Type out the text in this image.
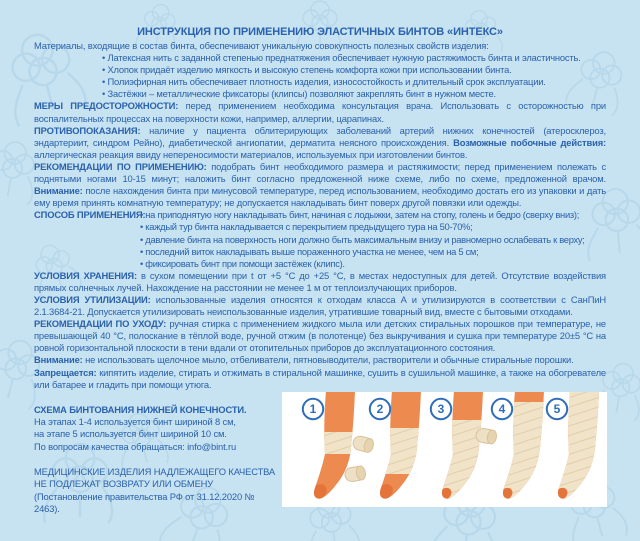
ИНСТРУКЦИЯ ПО ПРИМЕНЕНИЮ ЭЛАСТИЧНЫХ БИНТОВ «ИНТЕКС»
Материалы, входящие в состав бинта, обеспечивают уникальную совокупность полезных свойств изделия:
• Латексная нить с заданной степенью преднатяжения обеспечивает нужную растяжимость бинта и эластичность.
• Хлопок придаёт изделию мягкость и высокую степень комфорта кожи при использовании бинта.
• Полиэфирная нить обеспечивает плотность изделия, износостойкость и длительный срок эксплуатации.
• Застёжки – металлические фиксаторы (клипсы) позволяют закреплять бинт в нужном месте.
МЕРЫ ПРЕДОСТОРОЖНОСТИ: перед применением необходима консультация врача. Использовать с осторожностью при воспалительных процессах на поверхности кожи, например, аллергии, царапинах.
ПРОТИВОПОКАЗАНИЯ: наличие у пациента облитерирующих заболеваний артерий нижних конечностей (атеросклероз, эндартериит, синдром Рейно), диабетической ангиопатии, дерматита неясного происхождения. Возможные побочные действия: аллергическая реакция ввиду непереносимости материалов, используемых при изготовлении бинтов.
РЕКОМЕНДАЦИИ ПО ПРИМЕНЕНИЮ: подобрать бинт необходимого размера и растяжимости; перед применением полежать с поднятыми ногами 10-15 минут; наложить бинт согласно предложенной ниже схеме, либо по схеме, предложенной врачом. Внимание: после нахождения бинта при минусовой температуре, перед использованием, необходимо достать его из упаковки и дать ему время принять комнатную температуру; не допускается накладывать бинт поверх другой повязки или одежды.
СПОСОБ ПРИМЕНЕНИЯ:
• на приподнятую ногу накладывать бинт, начиная с лодыжки, затем на стопу, голень и бедро (сверху вниз);
• каждый тур бинта накладывается с перекрытием предыдущего тура на 50-70%;
• давление бинта на поверхность ноги должно быть максимальным внизу и равномерно ослабевать к верху;
• последний виток накладывать выше пораженного участка не менее, чем на 5 см;
• фиксировать бинт при помощи застёжек (клипс).
УСЛОВИЯ ХРАНЕНИЯ: в сухом помещении при t от +5 °С до +25 °С, в местах недоступных для детей. Отсутствие воздействия прямых солнечных лучей. Нахождение на расстоянии не менее 1 м от теплоизлучающих приборов.
УСЛОВИЯ УТИЛИЗАЦИИ: использованные изделия относятся к отходам класса А и утилизируются в соответствии с СанПиН 2.1.3684-21. Допускается утилизировать неиспользованные изделия, утратившие товарный вид, вместе с бытовыми отходами.
РЕКОМЕНДАЦИИ ПО УХОДУ: ручная стирка с применением жидкого мыла или детских стиральных порошков при температуре, не превышающей 40 °С, полоскание в тёплой воде, ручной отжим (в полотенце) без выкручивания и сушка при температуре 20±5 °С на ровной горизонтальной плоскости в тени вдали от отопительных приборов до эксплуатационного состояния.
Внимание: не использовать щелочное мыло, отбеливатели, пятновыводители, растворители и обычные стиральные порошки.
Запрещается: кипятить изделие, стирать и отжимать в стиральной машинке, сушить в сушильной машинке, а также на обогревателе или батарее и гладить при помощи утюга.
СХЕМА БИНТОВАНИЯ НИЖНЕЙ КОНЕЧНОСТИ.
На этапах 1-4 используется бинт шириной 8 см,
на этапе 5 используется бинт шириной 10 см.
По вопросам качества обращаться: info@bint.ru
МЕДИЦИНСКИЕ ИЗДЕЛИЯ НАДЛЕЖАЩЕГО КАЧЕСТВА
НЕ ПОДЛЕЖАТ ВОЗВРАТУ ИЛИ ОБМЕНУ
(Постановление правительства РФ от 31.12.2020 № 2463).
1	2	3	4	5
